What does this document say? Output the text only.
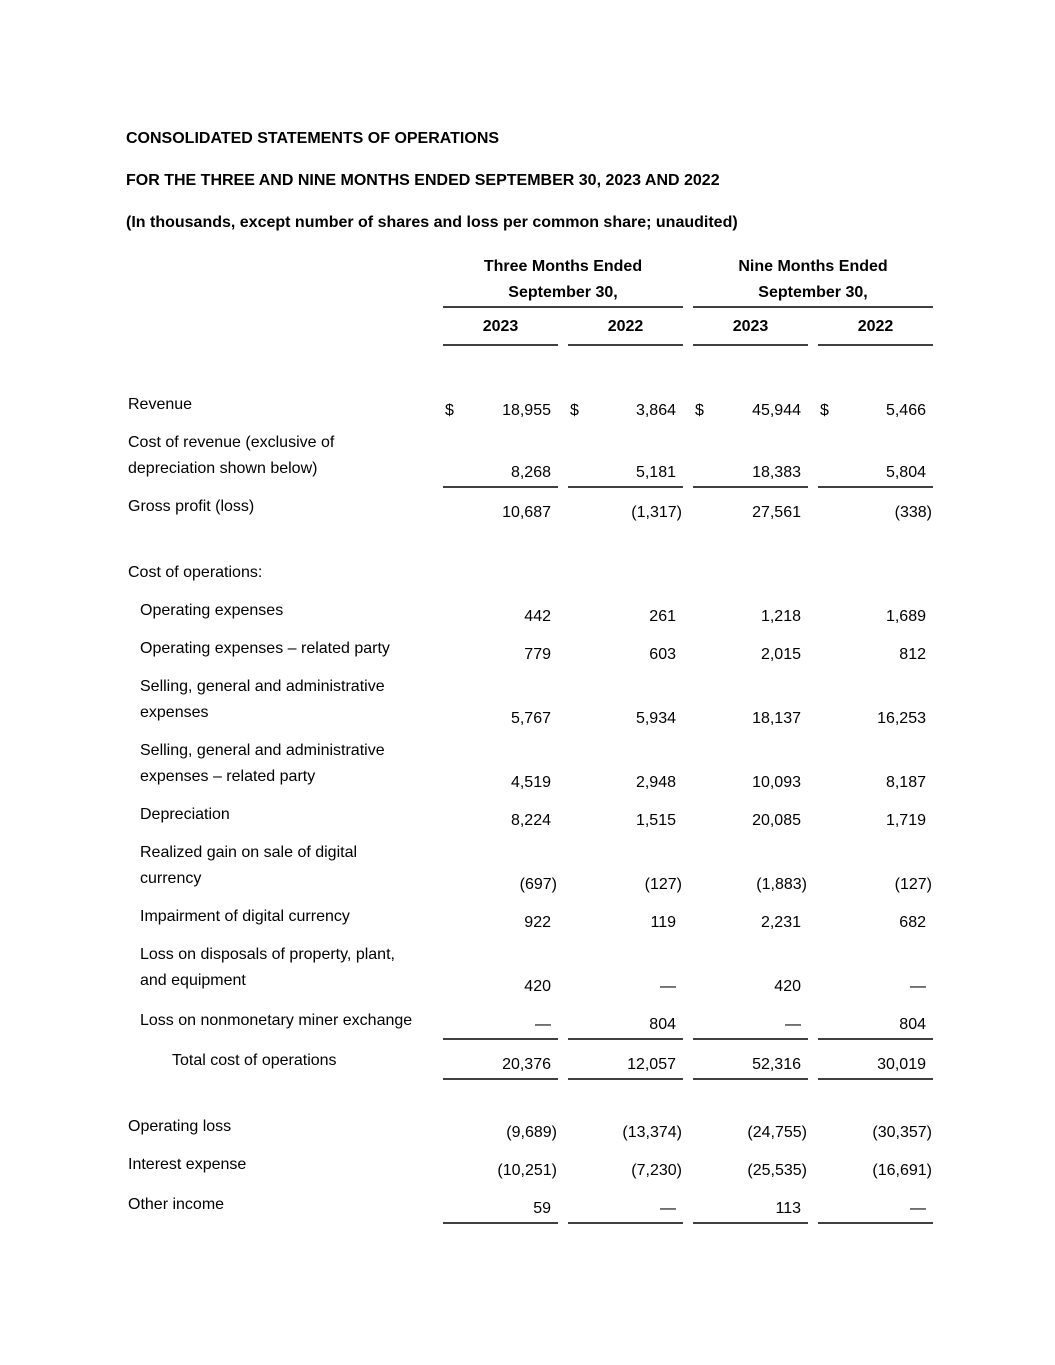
CONSOLIDATED STATEMENTS OF OPERATIONS
FOR THE THREE AND NINE MONTHS ENDED SEPTEMBER 30, 2023 AND 2022
(In thousands, except number of shares and loss per common share; unaudited)
Three Months Ended
September 30,
Nine Months Ended
September 30,
2023	2022	2023	2022
Revenue	$	18,955	$	3,864	$	45,944	$	5,466
Cost of revenue (exclusive of
depreciation shown below)	8,268	5,181	18,383	5,804
Gross profit (loss)	10,687	(1,317)	27,561	(338)
Cost of operations:
Operating expenses	442	261	1,218	1,689
Operating expenses – related party	779	603	2,015	812
Selling, general and administrative
expenses	5,767	5,934	18,137	16,253
Selling, general and administrative
expenses – related party	4,519	2,948	10,093	8,187
Depreciation	8,224	1,515	20,085	1,719
Realized gain on sale of digital
currency	(697)	(127)	(1,883)	(127)
Impairment of digital currency	922	119	2,231	682
Loss on disposals of property, plant,
and equipment	420	—	420	—
Loss on nonmonetary miner exchange	—	804	—	804
Total cost of operations	20,376	12,057	52,316	30,019
Operating loss	(9,689)	(13,374)	(24,755)	(30,357)
Interest expense	(10,251)	(7,230)	(25,535)	(16,691)
Other income	59	—	113	—
